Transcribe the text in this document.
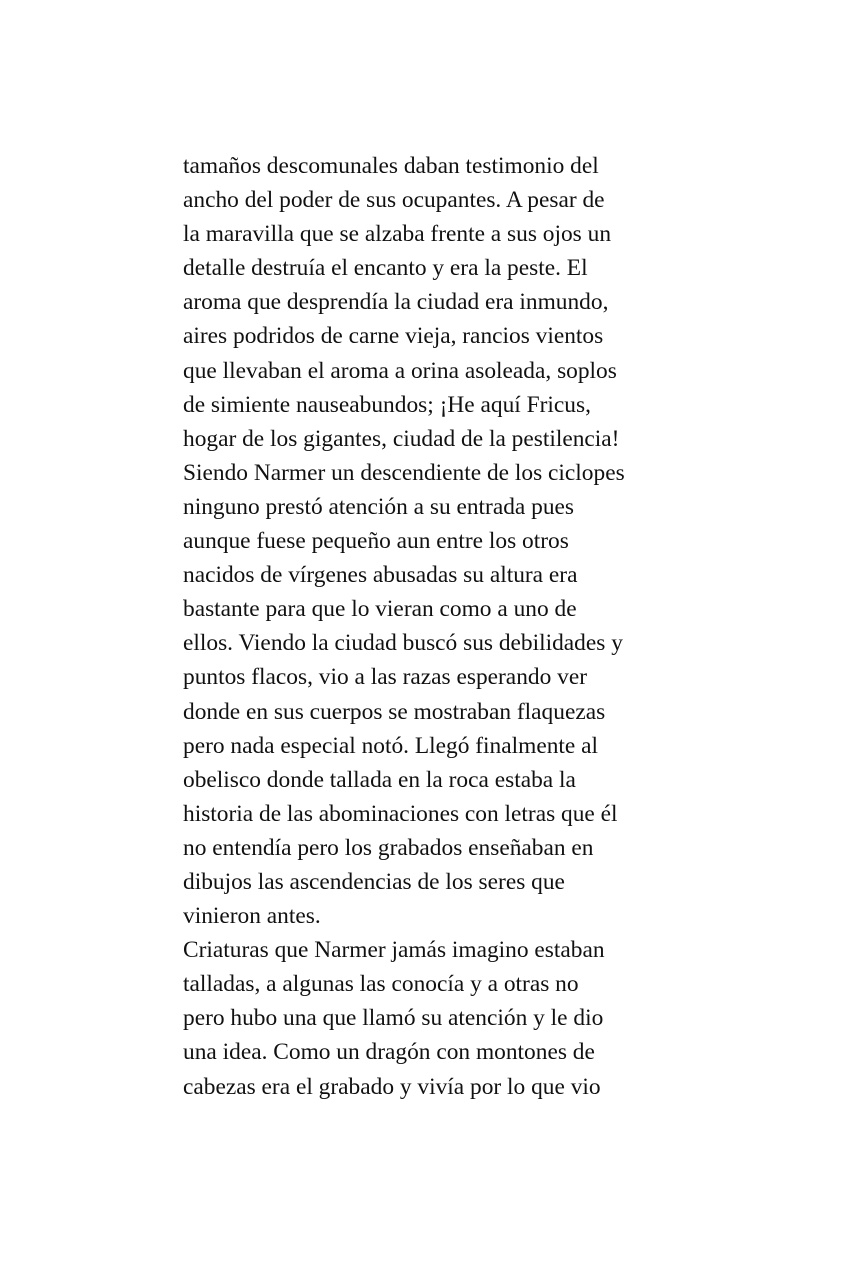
tamaños descomunales daban testimonio del
ancho del poder de sus ocupantes. A pesar de
la maravilla que se alzaba frente a sus ojos un
detalle destruía el encanto y era la peste. El
aroma que desprendía la ciudad era inmundo,
aires podridos de carne vieja, rancios vientos
que llevaban el aroma a orina asoleada, soplos
de simiente nauseabundos; ¡He aquí Fricus,
hogar de los gigantes, ciudad de la pestilencia!
Siendo Narmer un descendiente de los ciclopes
ninguno prestó atención a su entrada pues
aunque fuese pequeño aun entre los otros
nacidos de vírgenes abusadas su altura era
bastante para que lo vieran como a uno de
ellos. Viendo la ciudad buscó sus debilidades y
puntos flacos, vio a las razas esperando ver
donde en sus cuerpos se mostraban flaquezas
pero nada especial notó. Llegó finalmente al
obelisco donde tallada en la roca estaba la
historia de las abominaciones con letras que él
no entendía pero los grabados enseñaban en
dibujos las ascendencias de los seres que
vinieron antes.
Criaturas que Narmer jamás imagino estaban
talladas, a algunas las conocía y a otras no
pero hubo una que llamó su atención y le dio
una idea. Como un dragón con montones de
cabezas era el grabado y vivía por lo que vio
